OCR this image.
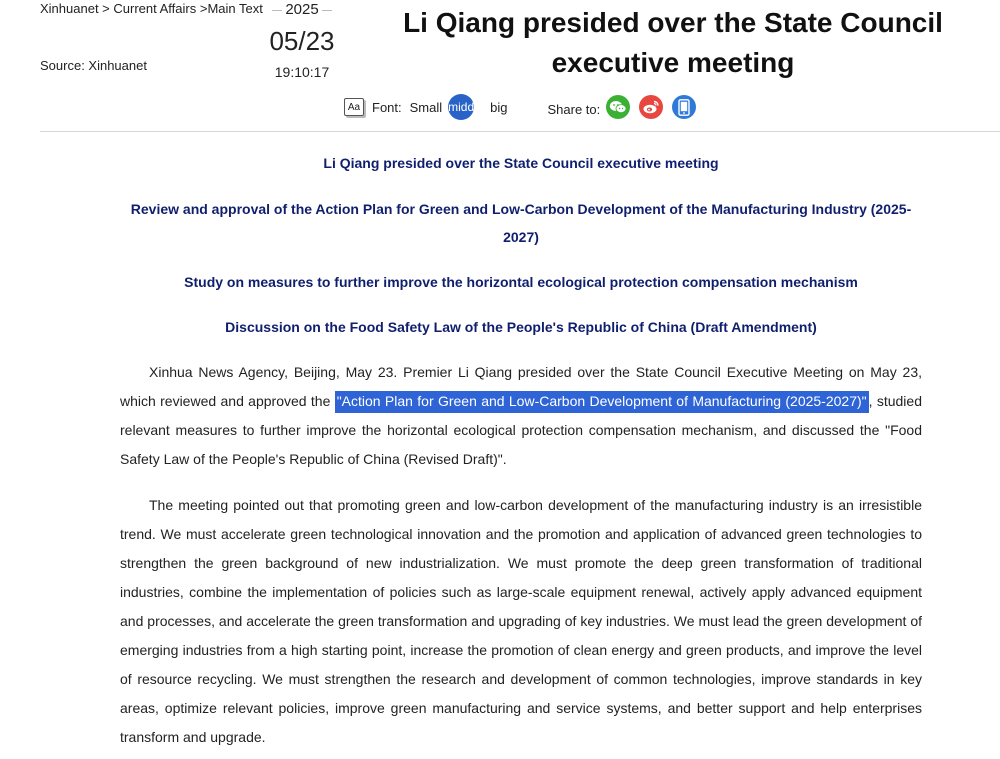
Xinhuanet > Current Affairs >Main Text
Source: Xinhuanet
2025
05/23
19:10:17
Li Qiang presided over the State Council executive meeting
Aa Font: Small middle big	Share to:

Li Qiang presided over the State Council executive meeting

Review and approval of the Action Plan for Green and Low-Carbon Development of the Manufacturing Industry (2025-2027)

Study on measures to further improve the horizontal ecological protection compensation mechanism

Discussion on the Food Safety Law of the People's Republic of China (Draft Amendment)

Xinhua News Agency, Beijing, May 23. Premier Li Qiang presided over the State Council Executive Meeting on May 23, which reviewed and approved the "Action Plan for Green and Low-Carbon Development of Manufacturing (2025-2027)" , studied relevant measures to further improve the horizontal ecological protection compensation mechanism, and discussed the "Food Safety Law of the People's Republic of China (Revised Draft)".

The meeting pointed out that promoting green and low-carbon development of the manufacturing industry is an irresistible trend. We must accelerate green technological innovation and the promotion and application of advanced green technologies to strengthen the green background of new industrialization. We must promote the deep green transformation of traditional industries, combine the implementation of policies such as large-scale equipment renewal, actively apply advanced equipment and processes, and accelerate the green transformation and upgrading of key industries. We must lead the green development of emerging industries from a high starting point, increase the promotion of clean energy and green products, and improve the level of resource recycling. We must strengthen the research and development of common technologies, improve standards in key areas, optimize relevant policies, improve green manufacturing and service systems, and better support and help enterprises transform and upgrade.
